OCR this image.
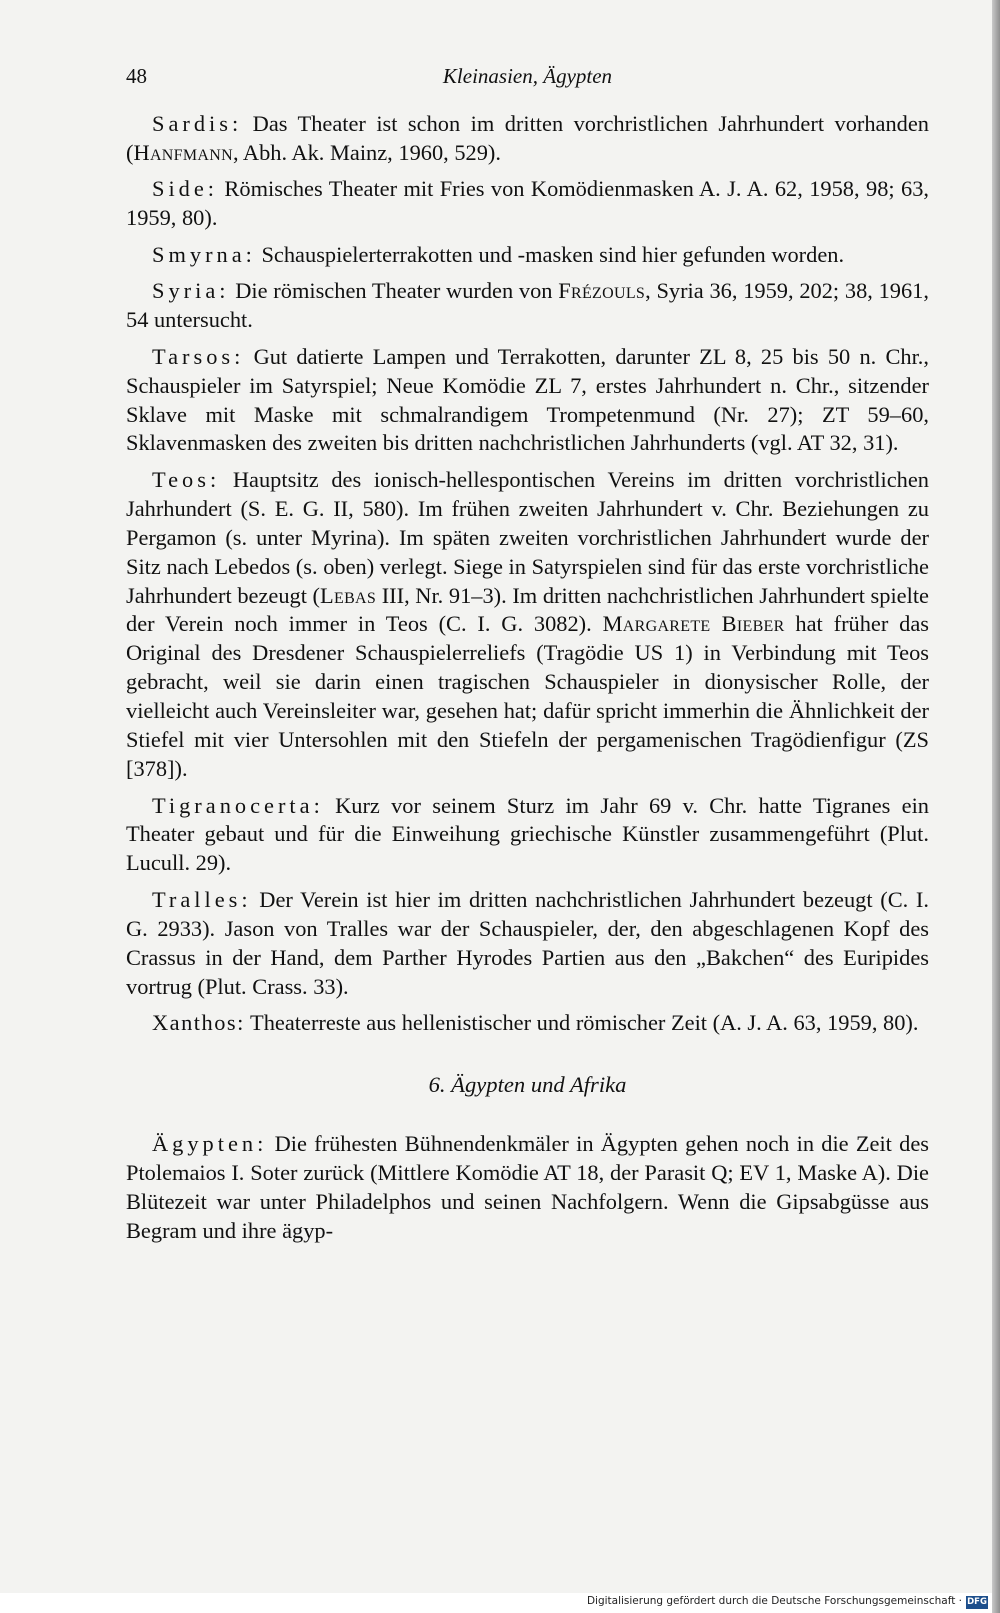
48	Kleinasien, Ägypten

Sardis: Das Theater ist schon im dritten vorchristlichen Jahrhundert vorhanden (Hanfmann, Abh. Ak. Mainz, 1960, 529).

Side: Römisches Theater mit Fries von Komödienmasken A. J. A. 62, 1958, 98; 63, 1959, 80).

Smyrna: Schauspielerterrakotten und -masken sind hier gefunden worden.

Syria: Die römischen Theater wurden von Frézouls, Syria 36, 1959, 202; 38, 1961, 54 untersucht.

Tarsos: Gut datierte Lampen und Terrakotten, darunter ZL 8, 25 bis 50 n. Chr., Schauspieler im Satyrspiel; Neue Komödie ZL 7, erstes Jahrhundert n. Chr., sitzender Sklave mit Maske mit schmalrandigem Trompetenmund (Nr. 27); ZT 59–60, Sklavenmasken des zweiten bis dritten nachchristlichen Jahrhunderts (vgl. AT 32, 31).

Teos: Hauptsitz des ionisch-hellespontischen Vereins im dritten vorchristlichen Jahrhundert (S. E. G. II, 580). Im frühen zweiten Jahrhundert v. Chr. Beziehungen zu Pergamon (s. unter Myrina). Im späten zweiten vorchristlichen Jahrhundert wurde der Sitz nach Lebedos (s. oben) verlegt. Siege in Satyrspielen sind für das erste vorchristliche Jahrhundert bezeugt (Lebas III, Nr. 91–3). Im dritten nachchristlichen Jahrhundert spielte der Verein noch immer in Teos (C. I. G. 3082). Margarete Bieber hat früher das Original des Dresdener Schauspielerreliefs (Tragödie US 1) in Verbindung mit Teos gebracht, weil sie darin einen tragischen Schauspieler in dionysischer Rolle, der vielleicht auch Vereinsleiter war, gesehen hat; dafür spricht immerhin die Ähnlichkeit der Stiefel mit vier Untersohlen mit den Stiefeln der pergamenischen Tragödienfigur (ZS [378]).

Tigranocerta: Kurz vor seinem Sturz im Jahr 69 v. Chr. hatte Tigranes ein Theater gebaut und für die Einweihung griechische Künstler zusammengeführt (Plut. Lucull. 29).

Tralles: Der Verein ist hier im dritten nachchristlichen Jahrhundert bezeugt (C. I. G. 2933). Jason von Tralles war der Schauspieler, der, den abgeschlagenen Kopf des Crassus in der Hand, dem Parther Hyrodes Partien aus den „Bakchen“ des Euripides vortrug (Plut. Crass. 33).

Xanthos: Theaterreste aus hellenistischer und römischer Zeit (A. J. A. 63, 1959, 80).

6. Ägypten und Afrika

Ägypten: Die frühesten Bühnendenkmäler in Ägypten gehen noch in die Zeit des Ptolemaios I. Soter zurück (Mittlere Komödie AT 18, der Parasit Q; EV 1, Maske A). Die Blütezeit war unter Philadelphos und seinen Nachfolgern. Wenn die Gipsabgüsse aus Begram und ihre ägyp-

Digitalisierung gefördert durch die Deutsche Forschungsgemeinschaft · DFG
